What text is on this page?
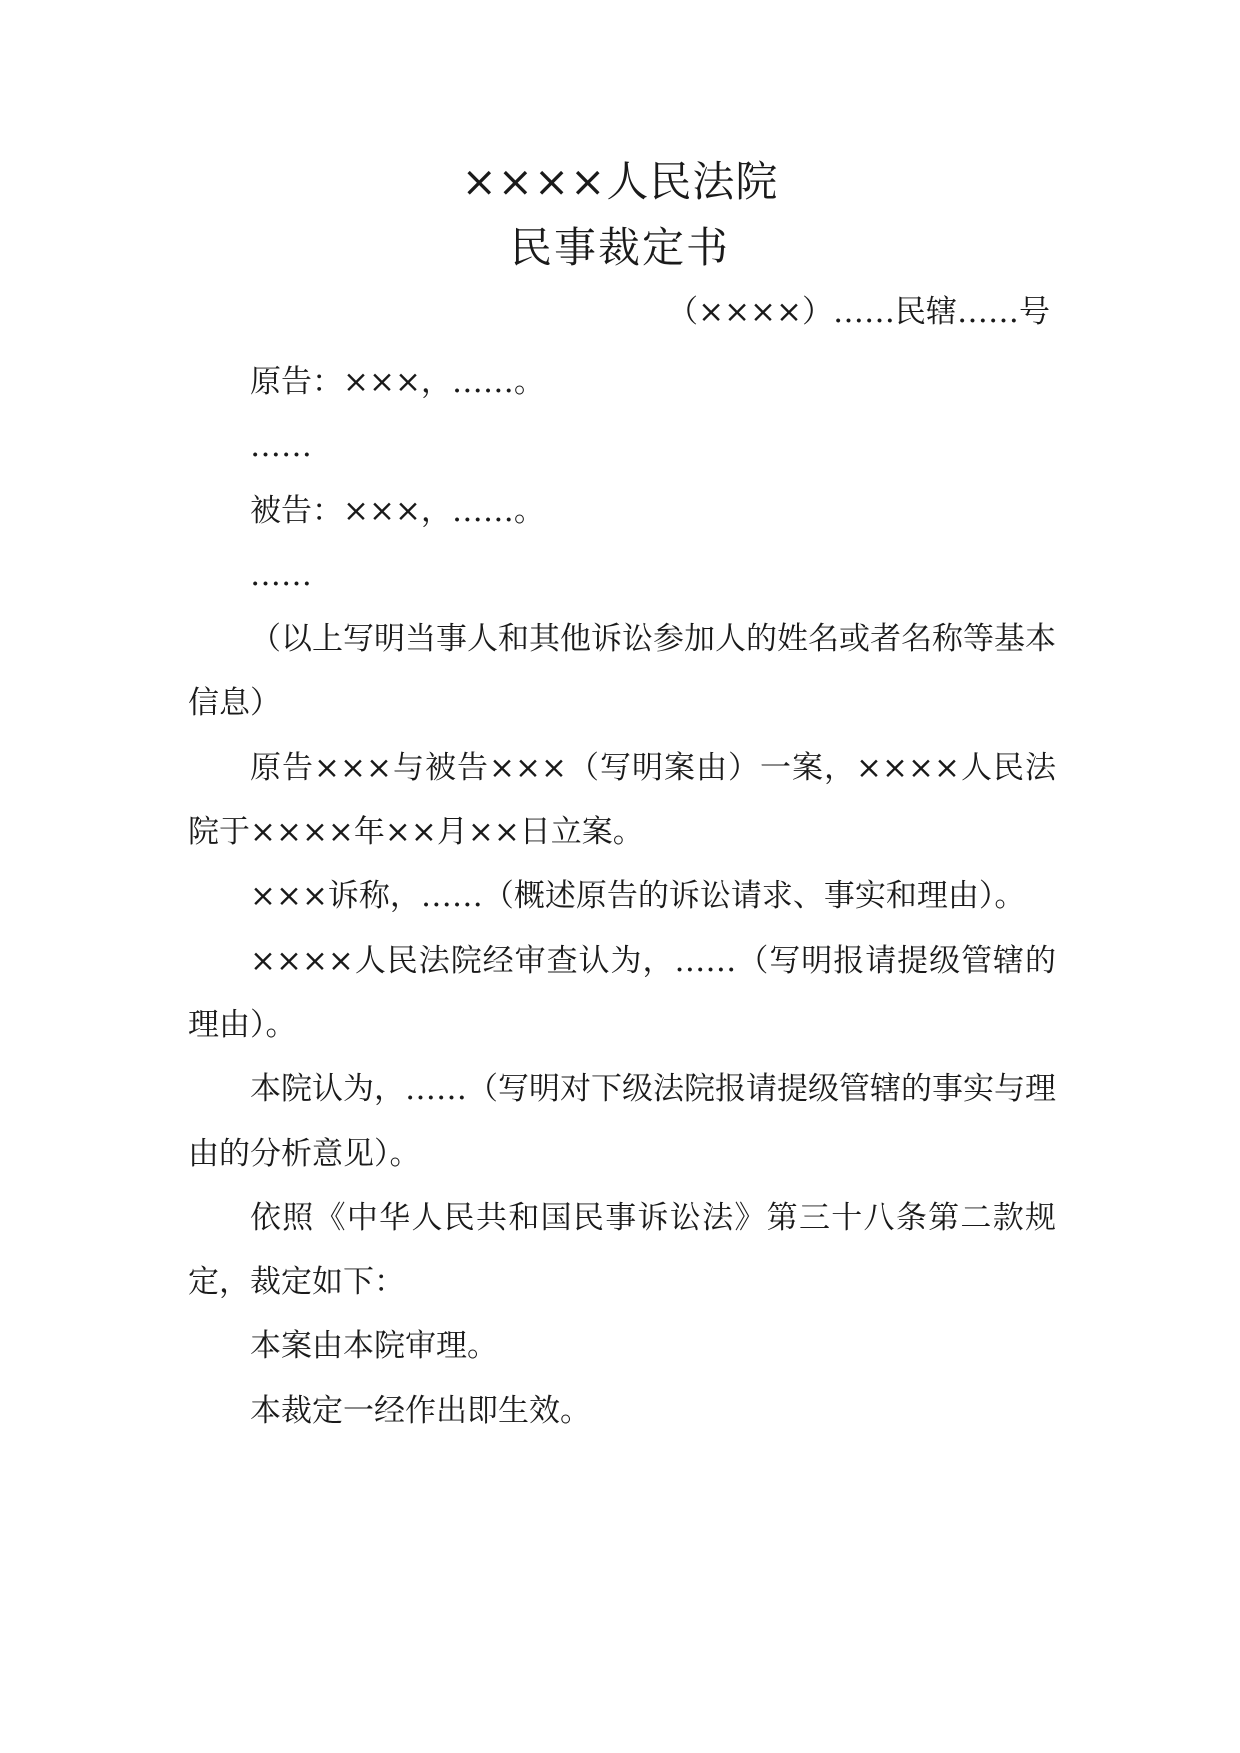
××××人民法院
民事裁定书
（××××）……民辖……号

原告：×××，……。

……

被告：×××，……。

……

（以上写明当事人和其他诉讼参加人的姓名或者名称等基本信息）

原告×××与被告×××（写明案由）一案，××××人民法院于××××年××月××日立案。

×××诉称，……（概述原告的诉讼请求、事实和理由）。

××××人民法院经审查认为，……（写明报请提级管辖的理由）。

本院认为，……（写明对下级法院报请提级管辖的事实与理由的分析意见）。

依照《中华人民共和国民事诉讼法》第三十八条第二款规定，裁定如下：

本案由本院审理。

本裁定一经作出即生效。
